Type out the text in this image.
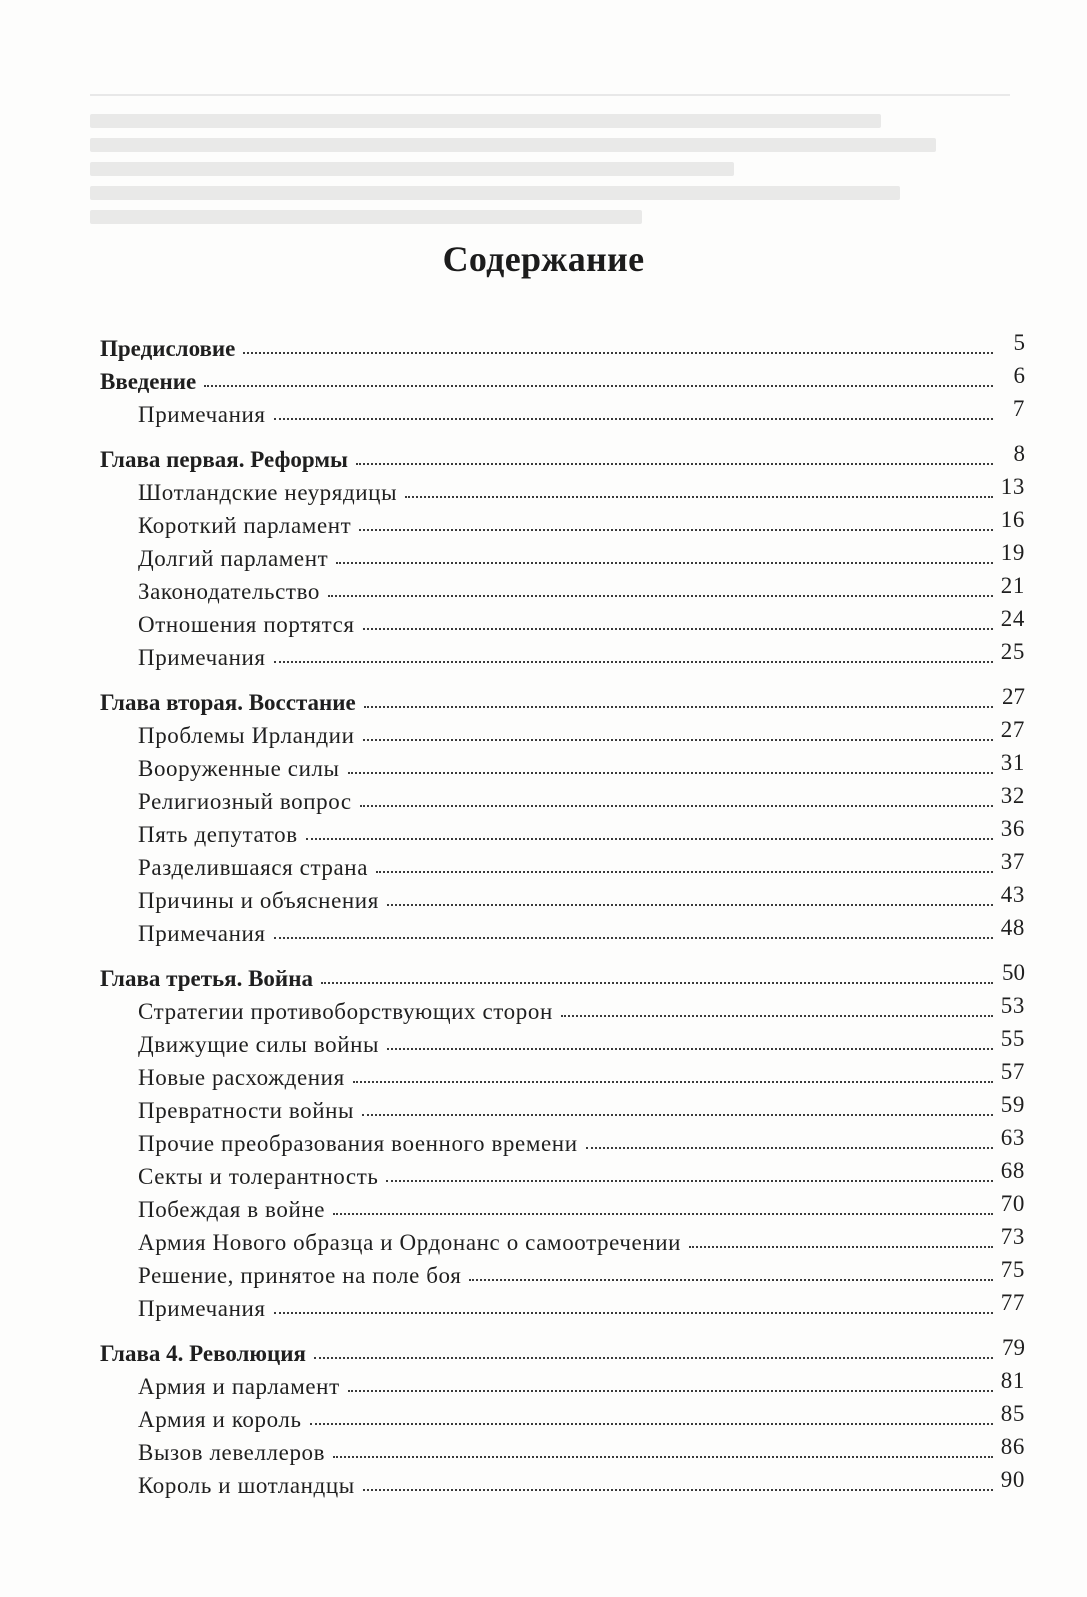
Содержание
Предисловие	5
Введение	6
Примечания	7
Глава первая. Реформы	8
Шотландские неурядицы	13
Короткий парламент	16
Долгий парламент	19
Законодательство	21
Отношения портятся	24
Примечания	25
Глава вторая. Восстание	27
Проблемы Ирландии	27
Вооруженные силы	31
Религиозный вопрос	32
Пять депутатов	36
Разделившаяся страна	37
Причины и объяснения	43
Примечания	48
Глава третья. Война	50
Стратегии противоборствующих сторон	53
Движущие силы войны	55
Новые расхождения	57
Превратности войны	59
Прочие преобразования военного времени	63
Секты и толерантность	68
Побеждая в войне	70
Армия Нового образца и Ордонанс о самоотречении	73
Решение, принятое на поле боя	75
Примечания	77
Глава 4. Революция	79
Армия и парламент	81
Армия и король	85
Вызов левеллеров	86
Король и шотландцы	90
